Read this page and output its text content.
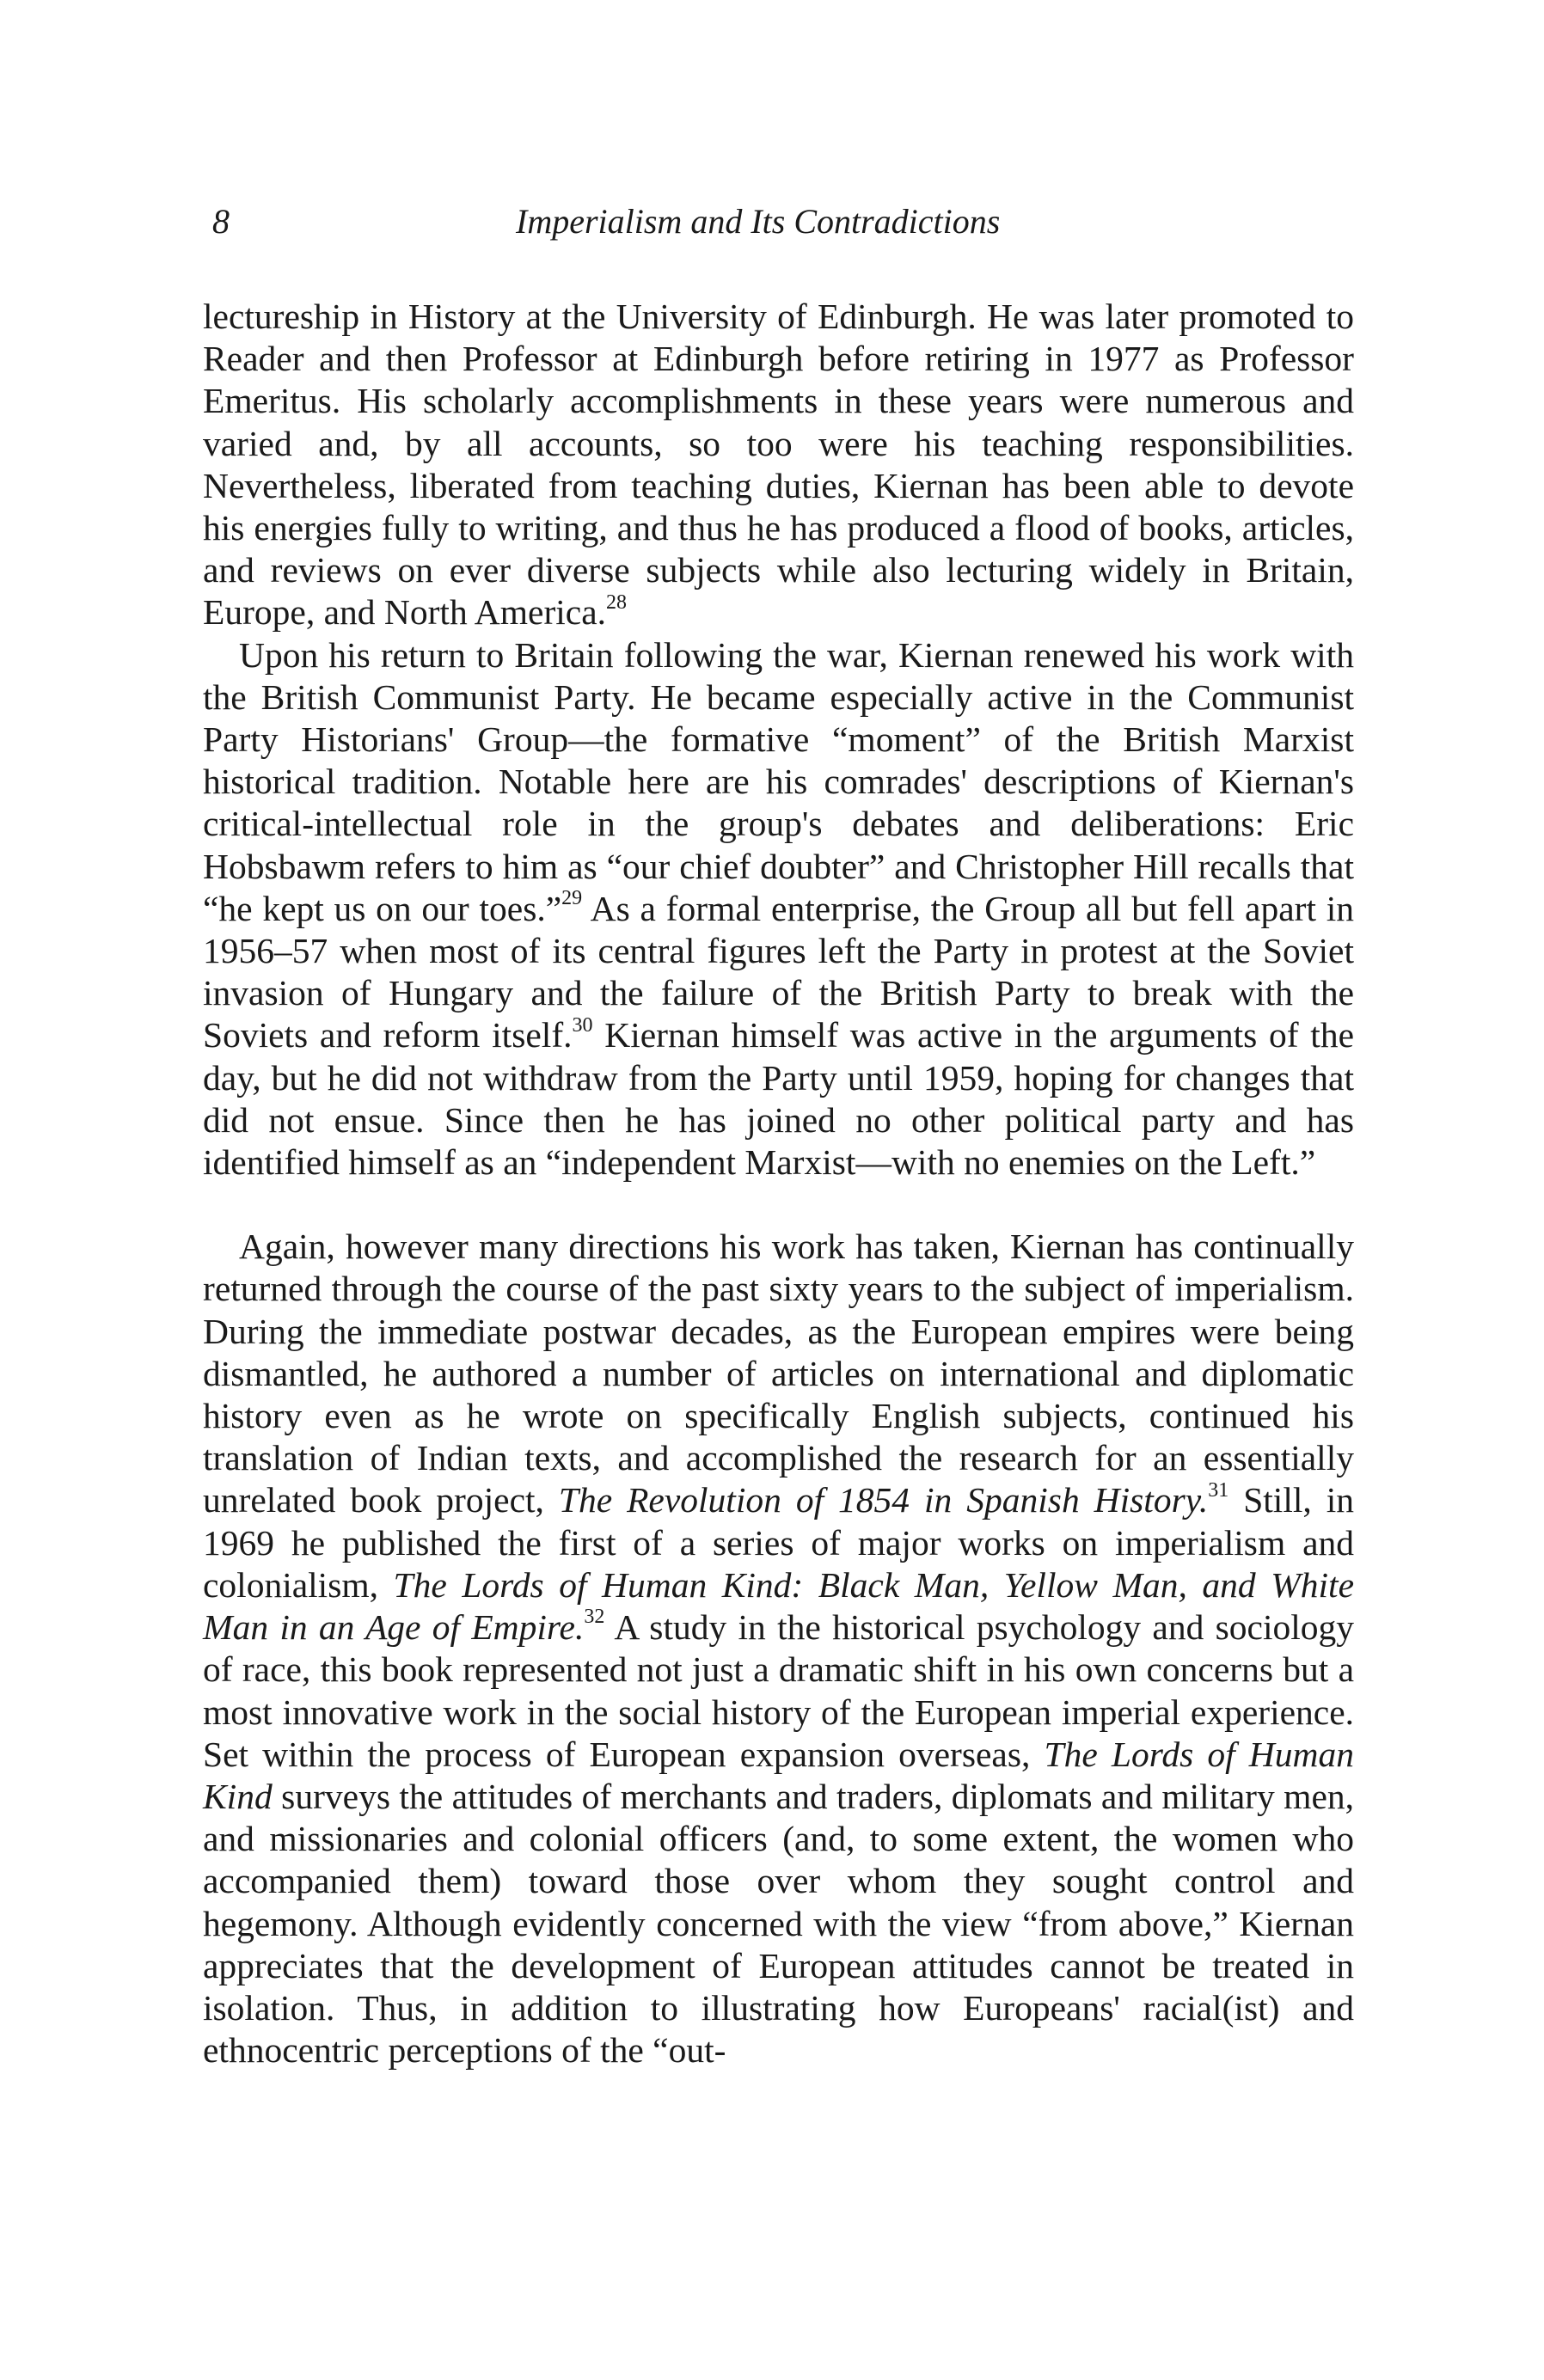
8	Imperialism and Its Contradictions

lectureship in History at the University of Edinburgh. He was later promoted to Reader and then Professor at Edinburgh before retiring in 1977 as Professor Emeritus. His scholarly accomplishments in these years were numerous and varied and, by all accounts, so too were his teaching responsibilities. Nevertheless, liberated from teaching duties, Kiernan has been able to devote his energies fully to writing, and thus he has produced a flood of books, articles, and reviews on ever diverse subjects while also lecturing widely in Britain, Europe, and North America.$^{28}$

Upon his return to Britain following the war, Kiernan renewed his work with the British Communist Party. He became especially active in the Communist Party Historians' Group—the formative “moment” of the British Marxist historical tradition. Notable here are his comrades' descriptions of Kiernan's critical-intellectual role in the group's debates and deliberations: Eric Hobsbawm refers to him as “our chief doubter” and Christopher Hill recalls that “he kept us on our toes.”$^{29}$ As a formal enterprise, the Group all but fell apart in 1956–57 when most of its central figures left the Party in protest at the Soviet invasion of Hungary and the failure of the British Party to break with the Soviets and reform itself.$^{30}$ Kiernan himself was active in the arguments of the day, but he did not withdraw from the Party until 1959, hoping for changes that did not ensue. Since then he has joined no other political party and has identified himself as an “independent Marxist—with no enemies on the Left.”

Again, however many directions his work has taken, Kiernan has continually returned through the course of the past sixty years to the subject of imperialism. During the immediate postwar decades, as the European empires were being dismantled, he authored a number of articles on international and diplomatic history even as he wrote on specifically English subjects, continued his translation of Indian texts, and accomplished the research for an essentially unrelated book project, The Revolution of 1854 in Spanish History.$^{31}$ Still, in 1969 he published the first of a series of major works on imperialism and colonialism, The Lords of Human Kind: Black Man, Yellow Man, and White Man in an Age of Empire.$^{32}$ A study in the historical psychology and sociology of race, this book represented not just a dramatic shift in his own concerns but a most innovative work in the social history of the European imperial experience. Set within the process of European expansion overseas, The Lords of Human Kind surveys the attitudes of merchants and traders, diplomats and military men, and missionaries and colonial officers (and, to some extent, the women who accompanied them) toward those over whom they sought control and hegemony. Although evidently concerned with the view “from above,” Kiernan appreciates that the development of European attitudes cannot be treated in isolation. Thus, in addition to illustrating how Europeans' racial(ist) and ethnocentric perceptions of the “out-
